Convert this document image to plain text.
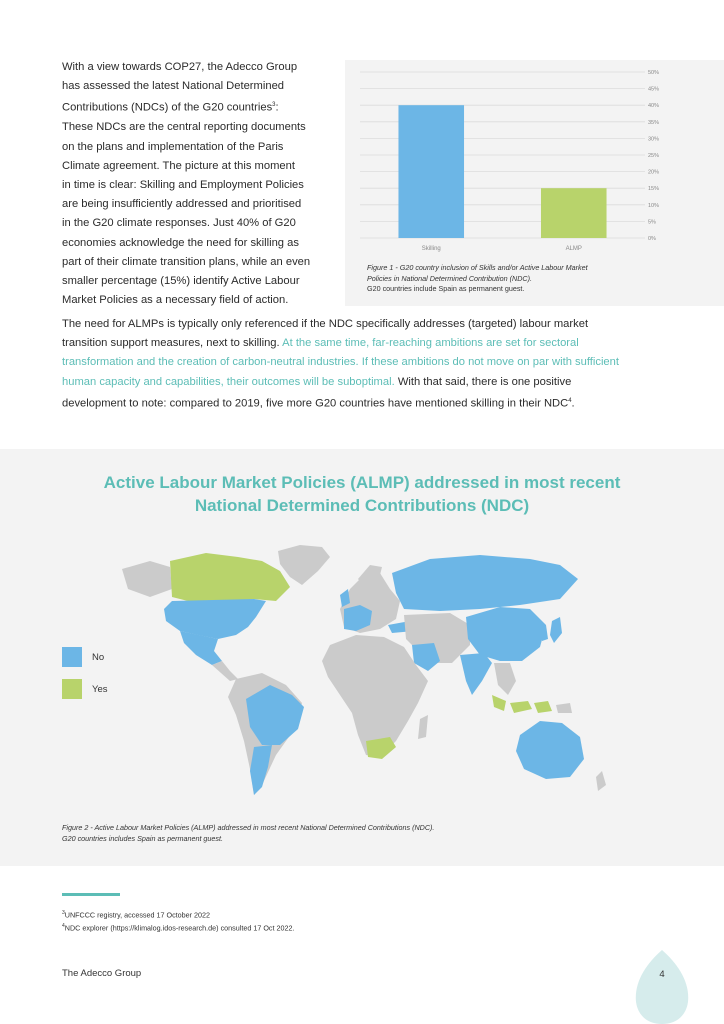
With a view towards COP27, the Adecco Group
has assessed the latest National Determined
Contributions (NDCs) of the G20 countries$^3$:
These NDCs are the central reporting documents
on the plans and implementation of the Paris
Climate agreement. The picture at this moment
in time is clear: Skilling and Employment Policies
are being insufficiently addressed and prioritised
in the G20 climate responses. Just 40% of G20
economies acknowledge the need for skilling as
part of their climate transition plans, while an even
smaller percentage (15%) identify Active Labour
Market Policies as a necessary field of action.

0%
5%
10%
15%
20%
25%
30%
35%
40%
45%
50%
Skilling	ALMP
Figure 1 - G20 country inclusion of Skills and/or Active Labour Market
Policies in National Determined Contribution (NDC).
G20 countries include Spain as permanent guest.

The need for ALMPs is typically only referenced if the NDC specifically addresses (targeted) labour market transition support measures, next to skilling. At the same time, far-reaching ambitions are set for sectoral transformation and the creation of carbon-neutral industries. If these ambitions do not move on par with sufficient human capacity and capabilities, their outcomes will be suboptimal. With that said, there is one positive development to note: compared to 2019, five more G20 countries have mentioned skilling in their NDC$^4$.

Active Labour Market Policies (ALMP) addressed in most recent
National Determined Contributions (NDC)
No
Yes
Figure 2 - Active Labour Market Policies (ALMP) addressed in most recent National Determined Contributions (NDC).
G20 countries includes Spain as permanent guest.
$^3$UNFCCC registry, accessed 17 October 2022
$^4$NDC explorer (https://klimalog.idos-research.de) consulted 17 Oct 2022.
The Adecco Group	4
